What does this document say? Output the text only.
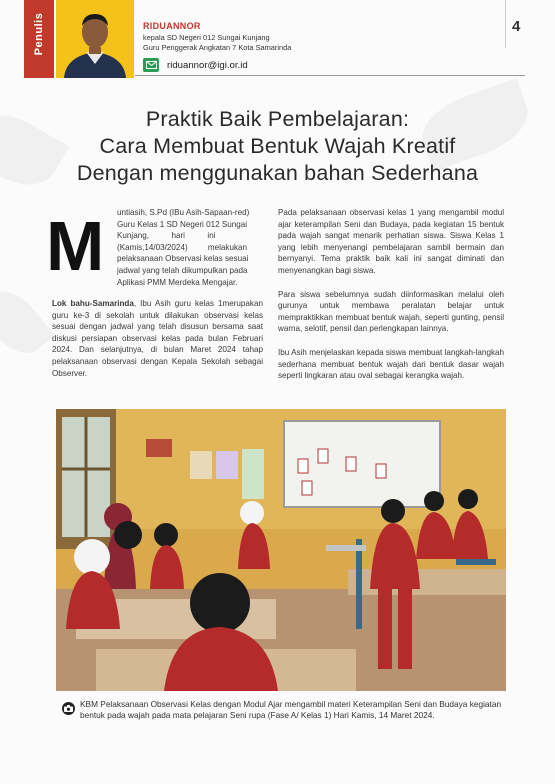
Penulis	RIDUANNOR
kepala SD Negeri 012 Sungai Kunjang
Guru Penggerak Angkatan 7 Kota Samarinda
riduannor@igi.or.id
4
Praktik Baik Pembelajaran:
Cara Membuat Bentuk Wajah Kreatif
Dengan menggunakan bahan Sederhana
M untiasih, S.Pd (IBu Asih-Sapaan-red)
Guru Kelas 1 SD Negeri 012 Sungai
Kunjang,          hari          ini
(Kamis,14/03/2024)         melakukan
pelaksanaan Observasi kelas sesuai
jadwal yang telah dikumpulkan pada
Aplikasi PMM Merdeka Mengajar.

Lok bahu-Samarinda, Ibu Asih guru kelas 1merupakan guru ke-3 di sekolah untuk dilakukan observasi kelas sesuai dengan jadwal yang telah disusun bersama saat diskusi persiapan observasi kelas pada bulan Februari 2024. Dan selanjutnya, di bulan Maret 2024 tahap pelaksanaan observasi dengan Kepala Sekolah sebagai Observer.

Pada pelaksanaan observasi kelas 1 yang mengambil modul ajar keterampilan Seni dan Budaya, pada kegiatan 15 bentuk pada wajah sangat menarik perhatian siswa. Siswa Kelas 1 yang lebih menyenangi pembelajaran sambil bermain dan bernyanyi. Tema praktik baik kali ini sangat diminati dan menyenangkan bagi siswa.

Para siswa sebelumnya sudah diinformasikan melalui oleh gurunya untuk membawa peralatan belajar untuk mempraktikkan membuat bentuk wajah, seperti gunting, pensil warna, selotif, pensil dan perlengkapan lainnya.

Ibu Asih menjelaskan kepada siswa membuat langkah-langkah sederhana membuat bentuk wajah dari bentuk dasar wajah seperti lingkaran atau oval sebagai kerangka wajah.

KBM Pelaksanaan Observasi Kelas dengan Modul Ajar mengambil materi Keterampilan Seni dan Budaya kegiatan bentuk pada wajah pada mata pelajaran Seni rupa (Fase A/ Kelas 1) Hari Kamis, 14 Maret 2024.
